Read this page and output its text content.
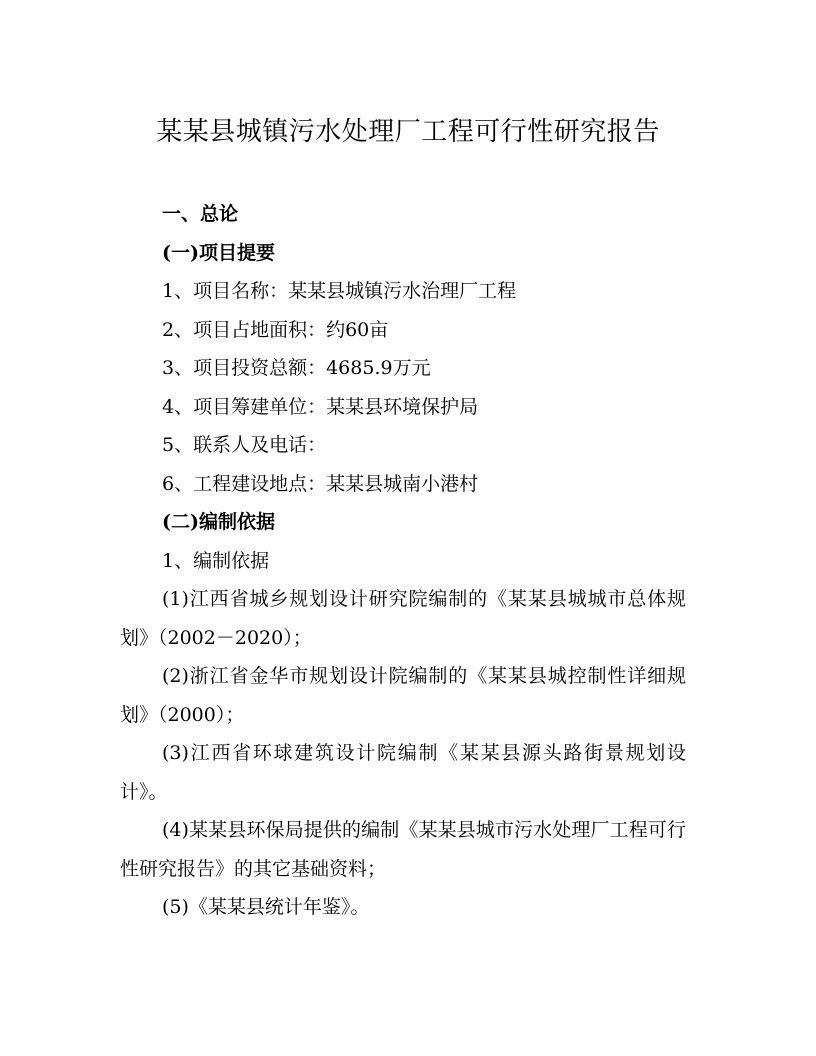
某某县城镇污水处理厂工程可行性研究报告

一、总论

(一)项目提要

1、项目名称：某某县城镇污水治理厂工程

2、项目占地面积：约60亩

3、项目投资总额：4685.9万元

4、项目筹建单位：某某县环境保护局

5、联系人及电话：

6、工程建设地点：某某县城南小港村

(二)编制依据

1、编制依据

(1)江西省城乡规划设计研究院编制的《某某县城城市总体规划》（2002－2020）；

(2)浙江省金华市规划设计院编制的《某某县城控制性详细规划》（2000）；

(3)江西省环球建筑设计院编制《某某县源头路街景规划设计》。

(4)某某县环保局提供的编制《某某县城市污水处理厂工程可行性研究报告》的其它基础资料；

(5)《某某县统计年鉴》。
